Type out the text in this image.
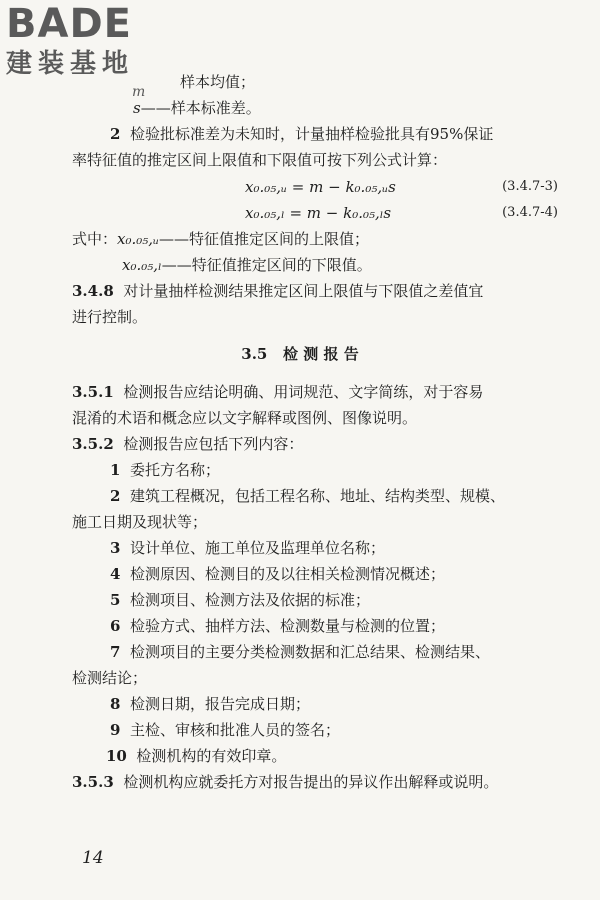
BADE
建装基地
m
样本均值；
s——样本标准差。
2 检验批标准差为未知时，计量抽样检验批具有95%保证
率特征值的推定区间上限值和下限值可按下列公式计算：
x₀.₀₅,ᵤ = m − k₀.₀₅,ᵤs	(3.4.7-3)
x₀.₀₅,ₗ = m − k₀.₀₅,ₗs	(3.4.7-4)
式中：x₀.₀₅,ᵤ——特征值推定区间的上限值；
x₀.₀₅,ₗ——特征值推定区间的下限值。
3.4.8 对计量抽样检测结果推定区间上限值与下限值之差值宜
进行控制。
3.5 检 测 报 告
3.5.1 检测报告应结论明确、用词规范、文字简练，对于容易
混淆的术语和概念应以文字解释或图例、图像说明。
3.5.2 检测报告应包括下列内容：
1 委托方名称；
2 建筑工程概况，包括工程名称、地址、结构类型、规模、
施工日期及现状等；
3 设计单位、施工单位及监理单位名称；
4 检测原因、检测目的及以往相关检测情况概述；
5 检测项目、检测方法及依据的标准；
6 检验方式、抽样方法、检测数量与检测的位置；
7 检测项目的主要分类检测数据和汇总结果、检测结果、
检测结论；
8 检测日期，报告完成日期；
9 主检、审核和批准人员的签名；
10 检测机构的有效印章。
3.5.3 检测机构应就委托方对报告提出的异议作出解释或说明。
14
